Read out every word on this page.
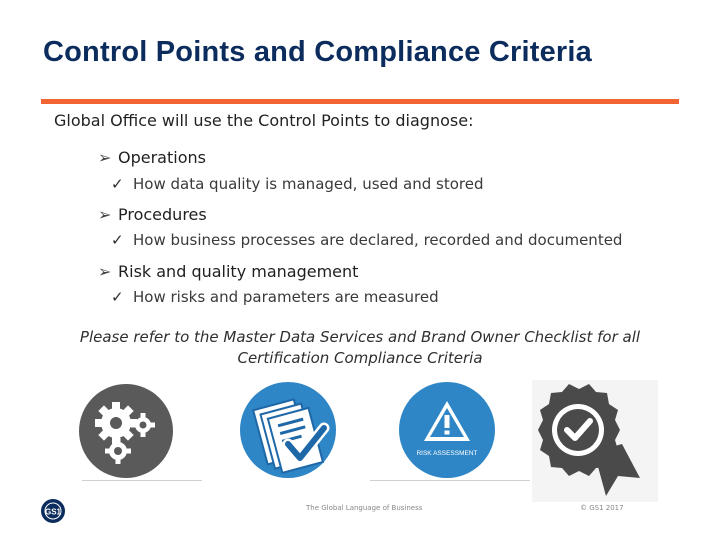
Control Points and Compliance Criteria
Global Office will use the Control Points to diagnose:
➢ Operations
✓ How data quality is managed, used and stored
➢ Procedures
✓ How business processes are declared, recorded and documented
➢ Risk and quality management
✓ How risks and parameters are measured
Please refer to the Master Data Services and Brand Owner Checklist for all
Certification Compliance Criteria
RISK ASSESSMENT
GS1	The Global Language of Business	© GS1 2017
